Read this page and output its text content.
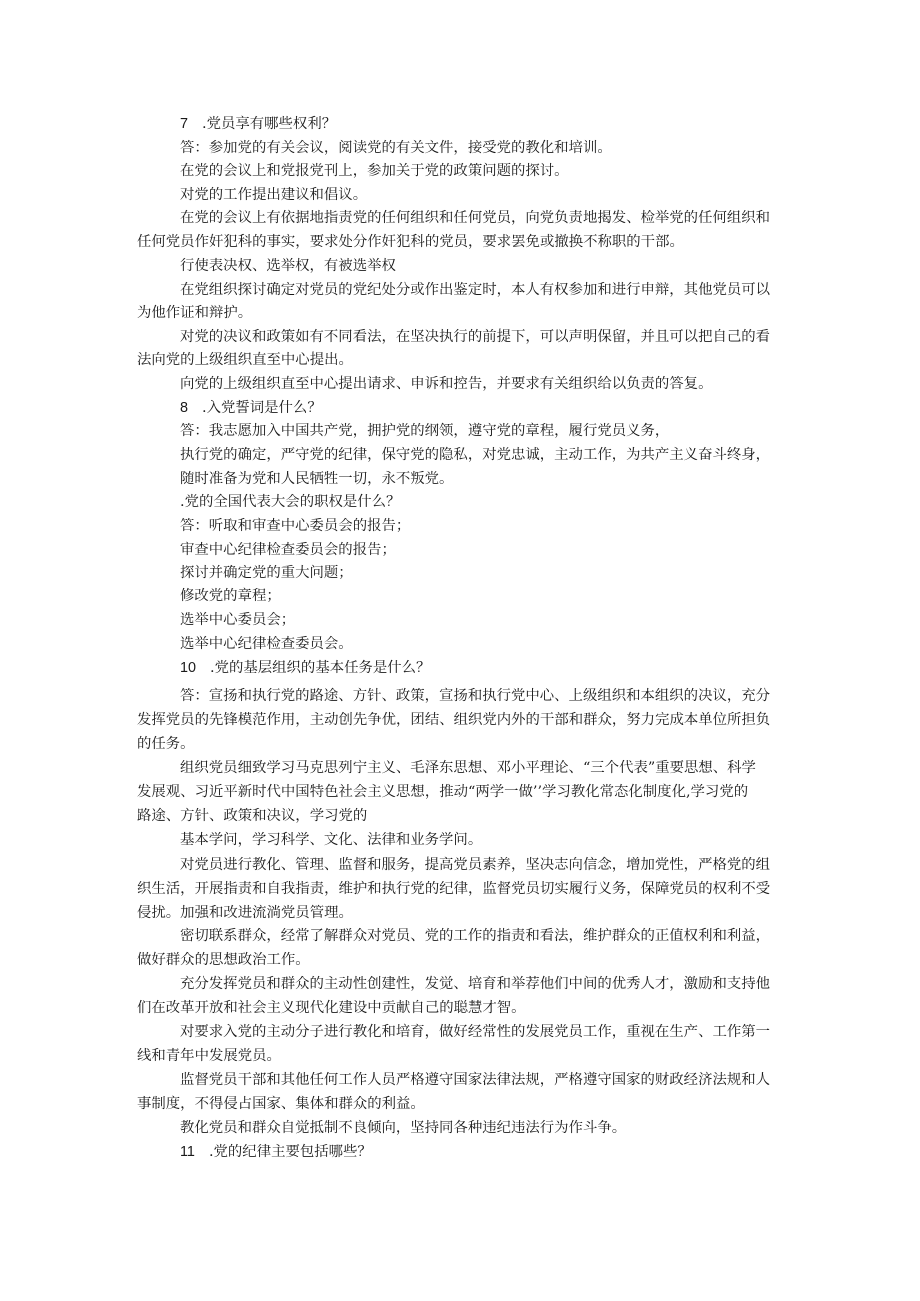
7 .党员享有哪些权利？
答：参加党的有关会议，阅读党的有关文件，接受党的教化和培训。
在党的会议上和党报党刊上，参加关于党的政策问题的探讨。
对党的工作提出建议和倡议。
在党的会议上有依据地指责党的任何组织和任何党员，向党负责地揭发、检举党的任何组织和
任何党员作奸犯科的事实，要求处分作奸犯科的党员，要求罢免或撤换不称职的干部。
行使表决权、选举权，有被选举权
在党组织探讨确定对党员的党纪处分或作出鉴定时，本人有权参加和进行申辩，其他党员可以
为他作证和辩护。
对党的决议和政策如有不同看法，在坚决执行的前提下，可以声明保留，并且可以把自己的看
法向党的上级组织直至中心提出。
向党的上级组织直至中心提出请求、申诉和控告，并要求有关组织给以负责的答复。
8 .入党誓词是什么？
答：我志愿加入中国共产党，拥护党的纲领，遵守党的章程，履行党员义务，
执行党的确定，严守党的纪律，保守党的隐私，对党忠诚，主动工作，为共产主义奋斗终身，
随时准备为党和人民牺牲一切，永不叛党。
.党的全国代表大会的职权是什么？
答：听取和审查中心委员会的报告；
审查中心纪律检查委员会的报告；
探讨并确定党的重大问题；
修改党的章程；
选举中心委员会；
选举中心纪律检查委员会。
10 .党的基层组织的基本任务是什么？
答：宣扬和执行党的路途、方针、政策，宣扬和执行党中心、上级组织和本组织的决议，充分
发挥党员的先锋模范作用，主动创先争优，团结、组织党内外的干部和群众，努力完成本单位所担负
的任务。
组织党员细致学习马克思列宁主义、毛泽东思想、邓小平理论、“三个代表”重要思想、科学
发展观、习近平新时代中国特色社会主义思想，推动“两学一做’’学习教化常态化制度化,学习党的
路途、方针、政策和决议，学习党的
基本学问，学习科学、文化、法律和业务学问。
对党员进行教化、管理、监督和服务，提高党员素养，坚决志向信念，增加党性，严格党的组
织生活，开展指责和自我指责，维护和执行党的纪律，监督党员切实履行义务，保障党员的权利不受
侵扰。加强和改进流淌党员管理。
密切联系群众，经常了解群众对党员、党的工作的指责和看法，维护群众的正值权利和利益，
做好群众的思想政治工作。
充分发挥党员和群众的主动性创建性，发觉、培育和举荐他们中间的优秀人才，激励和支持他
们在改革开放和社会主义现代化建设中贡献自己的聪慧才智。
对要求入党的主动分子进行教化和培育，做好经常性的发展党员工作，重视在生产、工作第一
线和青年中发展党员。
监督党员干部和其他任何工作人员严格遵守国家法律法规，严格遵守国家的财政经济法规和人
事制度，不得侵占国家、集体和群众的利益。
教化党员和群众自觉抵制不良倾向，坚持同各种违纪违法行为作斗争。
11 .党的纪律主要包括哪些？
